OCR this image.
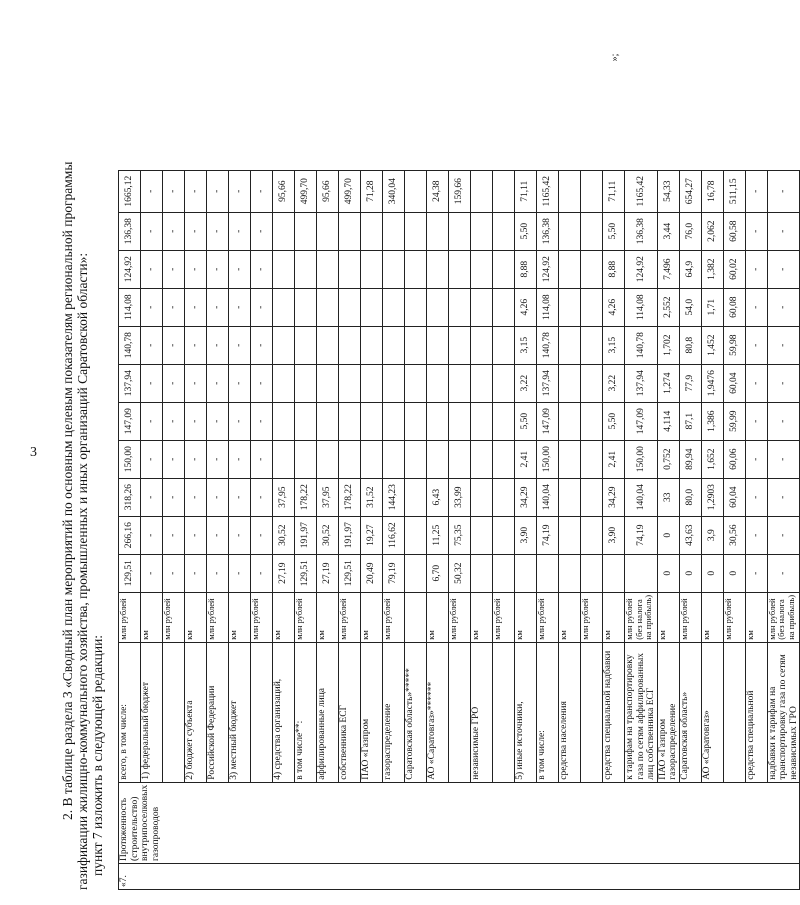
3
»;
2. В таблице раздела 3 «Сводный план мероприятий по основным целевым показателям региональной программы газификации жилищно-коммунального хозяйства, промышленных и иных организаций Саратовской области»: пункт 7 изложить в следующей редакции:
«7.	Протяженность (строительство) внутрипоселковых газопроводов	всего, в том числе:	млн рублей	129,51	266,16	318,26	150,00	147,09	137,94	140,78	114,08	124,92	136,38	1665,12
		1) федеральный бюджет	км	-	-	-	-	-	-	-	-	-	-	-
			млн рублей	-	-	-	-	-	-	-	-	-	-	-
		2) бюджет субъекта	км	-	-	-	-	-	-	-	-	-	-	-
		Российской Федерации	млн рублей	-	-	-	-	-	-	-	-	-	-	-
		3) местный бюджет	км	-	-	-	-	-	-	-	-	-	-	-
			млн рублей	-	-	-	-	-	-	-	-	-	-	-
		4) средства организаций,	км	27,19	30,52	37,95								95,66
		в том числе**:	млн рублей	129,51	191,97	178,22								499,70
		аффилированные лица	км	27,19	30,52	37,95								95,66
		собственника ЕСГ	млн рублей	129,51	191,97	178,22								499,70
		ПАО «Газпром	км	20,49	19,27	31,52								71,28
		газораспределение	млн рублей	79,19	116,62	144,23								340,04
		Саратовская область»*****												
		АО «Саратовгаз»******	км	6,70	11,25	6,43								24,38
			млн рублей	50,32	75,35	33,99								159,66
		независимые ГРО	км											
			млн рублей											
		5) иные источники,	км		3,90	34,29	2,41	5,50	3,22	3,15	4,26	8,88	5,50	71,11
		в том числе:	млн рублей		74,19	140,04	150,00	147,09	137,94	140,78	114,08	124,92	136,38	1165,42
		средства населения	км											
			млн рублей											
		средства специальной надбавки	км		3,90	34,29	2,41	5,50	3,22	3,15	4,26	8,88	5,50	71,11
		к тарифам на транспортировку газа по сетям аффилированных лиц собственника ЕСГ	млн рублей (без налога на прибыль)		74,19	140,04	150,00	147,09	137,94	140,78	114,08	124,92	136,38	1165,42
		ПАО «Газпром газораспределение	км	0	0	33	0,752	4,114	1,274	1,702	2,552	7,496	3,44	54,33
		Саратовская область»	млн рублей	0	43,63	80,0	89,94	87,1	77,9	80,8	54,0	64,9	76,0	654,27
		АО «Саратовгаз»	км	0	3,9	1,2903	1,652	1,386	1,9476	1,452	1,71	1,382	2,062	16,78
			млн рублей	0	30,56	60,04	60,06	59,99	60,04	59,98	60,08	60,02	60,58	511,15
		средства специальной	км	-	-	-	-	-	-	-	-	-	-	-
		надбавки к тарифам на транспортировку газа по сетям независимых ГРО	млн рублей (без налога на прибыль)	-	-	-	-	-	-	-	-	-	-	-
